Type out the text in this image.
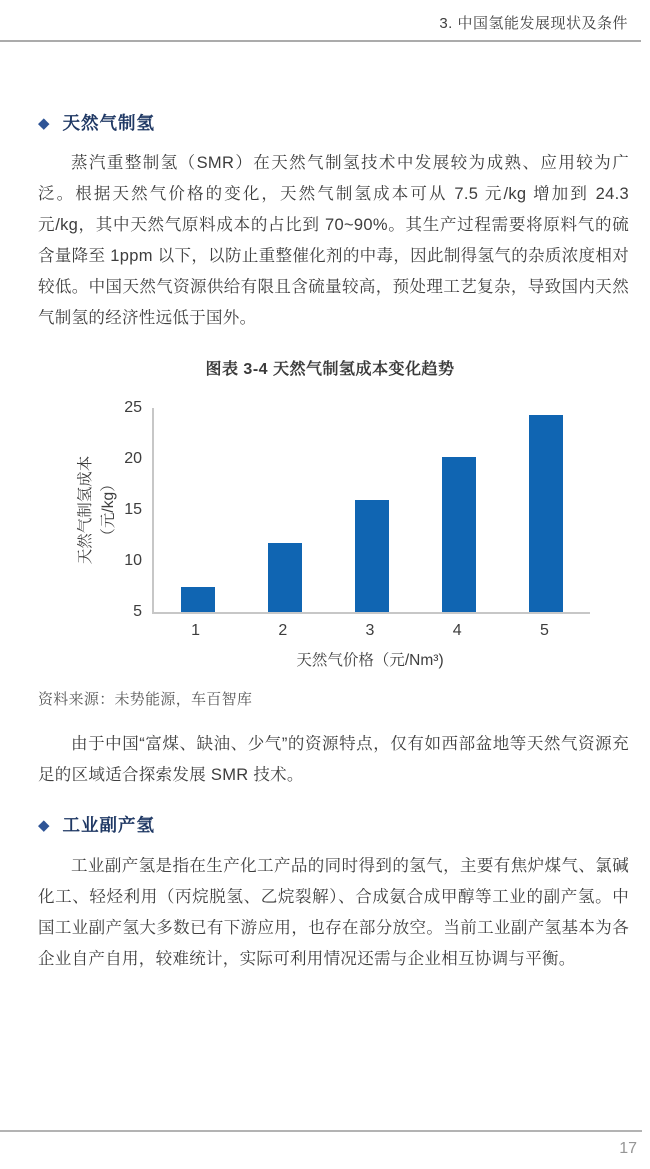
3. 中国氢能发展现状及条件
◆ 天然气制氢

蒸汽重整制氢（SMR）在天然气制氢技术中发展较为成熟、应用较为广泛。根据天然气价格的变化，天然气制氢成本可从 7.5 元/kg 增加到 24.3 元/kg，其中天然气原料成本的占比到 70~90%。其生产过程需要将原料气的硫含量降至 1ppm 以下，以防止重整催化剂的中毒，因此制得氢气的杂质浓度相对较低。中国天然气资源供给有限且含硫量较高，预处理工艺复杂，导致国内天然气制氢的经济性远低于国外。

图表 3-4 天然气制氢成本变化趋势
天然气制氢成本 （元/kg）
25
20
15
10
5
1	2	3	4	5
天然气价格（元/Nm³)
资料来源：未势能源，车百智库

由于中国“富煤、缺油、少气”的资源特点，仅有如西部盆地等天然气资源充足的区域适合探索发展 SMR 技术。

◆ 工业副产氢

工业副产氢是指在生产化工产品的同时得到的氢气，主要有焦炉煤气、氯碱化工、轻烃利用（丙烷脱氢、乙烷裂解）、合成氨合成甲醇等工业的副产氢。中国工业副产氢大多数已有下游应用，也存在部分放空。当前工业副产氢基本为各企业自产自用，较难统计，实际可利用情况还需与企业相互协调与平衡。

17
